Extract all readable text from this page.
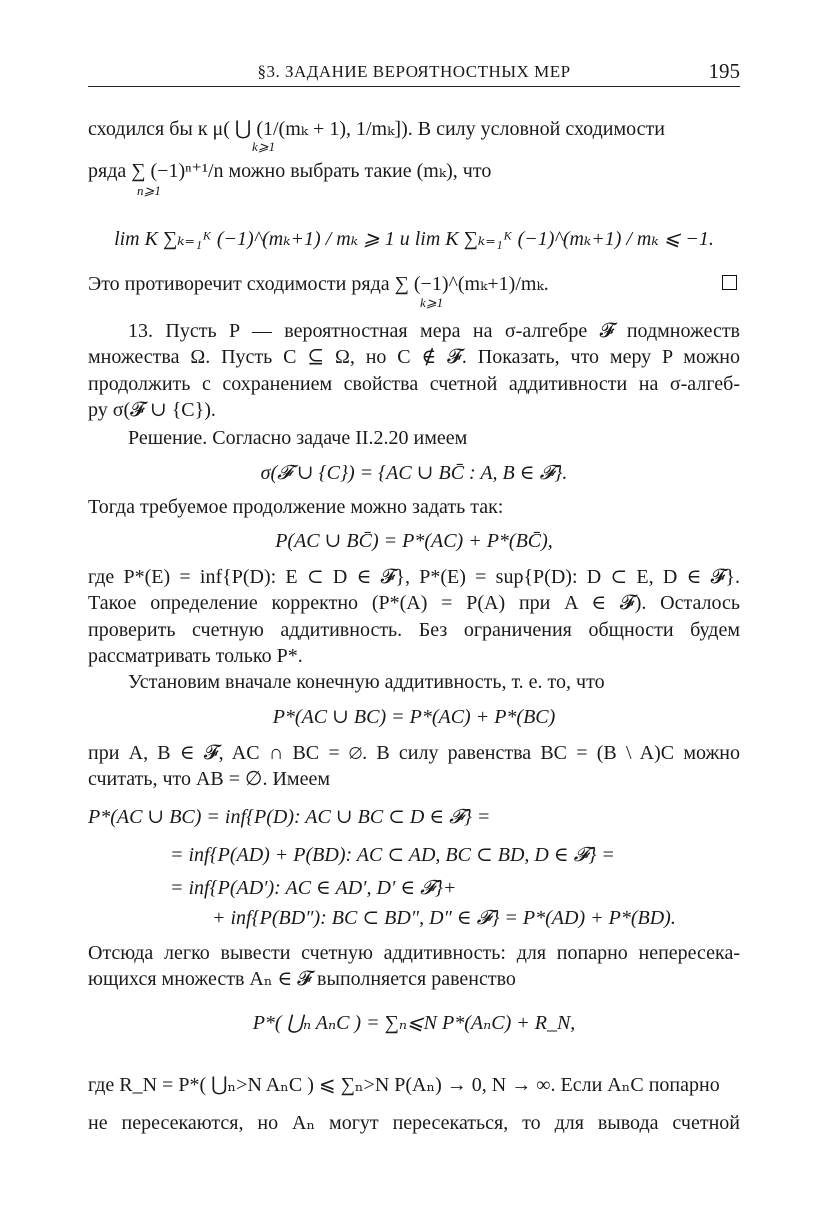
§3. ЗАДАНИЕ ВЕРОЯТНОСТНЫХ МЕР	195
сходился бы к μ( ⋃ (1/(mₖ + 1), 1/mₖ]). В силу условной сходимости
k⩾1
ряда ∑ (−1)ⁿ⁺¹/n можно выбрать такие (mₖ), что
n⩾1
lim K ∑ₖ₌₁ᴷ (−1)^(mₖ+1) / mₖ ⩾ 1 и lim K ∑ₖ₌₁ᴷ (−1)^(mₖ+1) / mₖ ⩽ −1.
Это противоречит сходимости ряда ∑ (−1)^(mₖ+1)/mₖ.
k⩾1
13. Пусть P — вероятностная мера на σ-алгебре 𝓕 подмножеств
множества Ω. Пусть C ⊆ Ω, но C ∉ 𝓕. Показать, что меру P можно
продолжить с сохранением свойства счетной аддитивности на σ-алгеб-
ру σ(𝓕 ∪ {C}).
Решение. Согласно задаче II.2.20 имеем
σ(𝓕 ∪ {C}) = {AC ∪ BC̄ : A, B ∈ 𝓕}.
Тогда требуемое продолжение можно задать так:
P(AC ∪ BC̄) = P*(AC) + P*(BC̄),
где P*(E) = inf{P(D): E ⊂ D ∈ 𝓕}, P*(E) = sup{P(D): D ⊂ E, D ∈ 𝓕}.
Такое определение корректно (P*(A) = P(A) при A ∈ 𝓕). Осталось
проверить счетную аддитивность. Без ограничения общности будем
рассматривать только P*.
Установим вначале конечную аддитивность, т. е. то, что
P*(AC ∪ BC) = P*(AC) + P*(BC)
при A, B ∈ 𝓕, AC ∩ BC = ∅. В силу равенства BC = (B \ A)C можно
считать, что AB = ∅. Имеем
P*(AC ∪ BC) = inf{P(D): AC ∪ BC ⊂ D ∈ 𝓕} =
= inf{P(AD) + P(BD): AC ⊂ AD, BC ⊂ BD, D ∈ 𝓕} =
= inf{P(AD′): AC ∈ AD′, D′ ∈ 𝓕}+
+ inf{P(BD″): BC ⊂ BD″, D″ ∈ 𝓕} = P*(AD) + P*(BD).
Отсюда легко вывести счетную аддитивность: для попарно непересека-
ющихся множеств Aₙ ∈ 𝓕 выполняется равенство
P*( ⋃ₙ AₙC ) = ∑ₙ⩽N P*(AₙC) + R_N,
где R_N = P*( ⋃ₙ>N AₙC ) ⩽ ∑ₙ>N P(Aₙ) → 0, N → ∞. Если AₙC попарно
не пересекаются, но Aₙ могут пересекаться, то для вывода счетной
